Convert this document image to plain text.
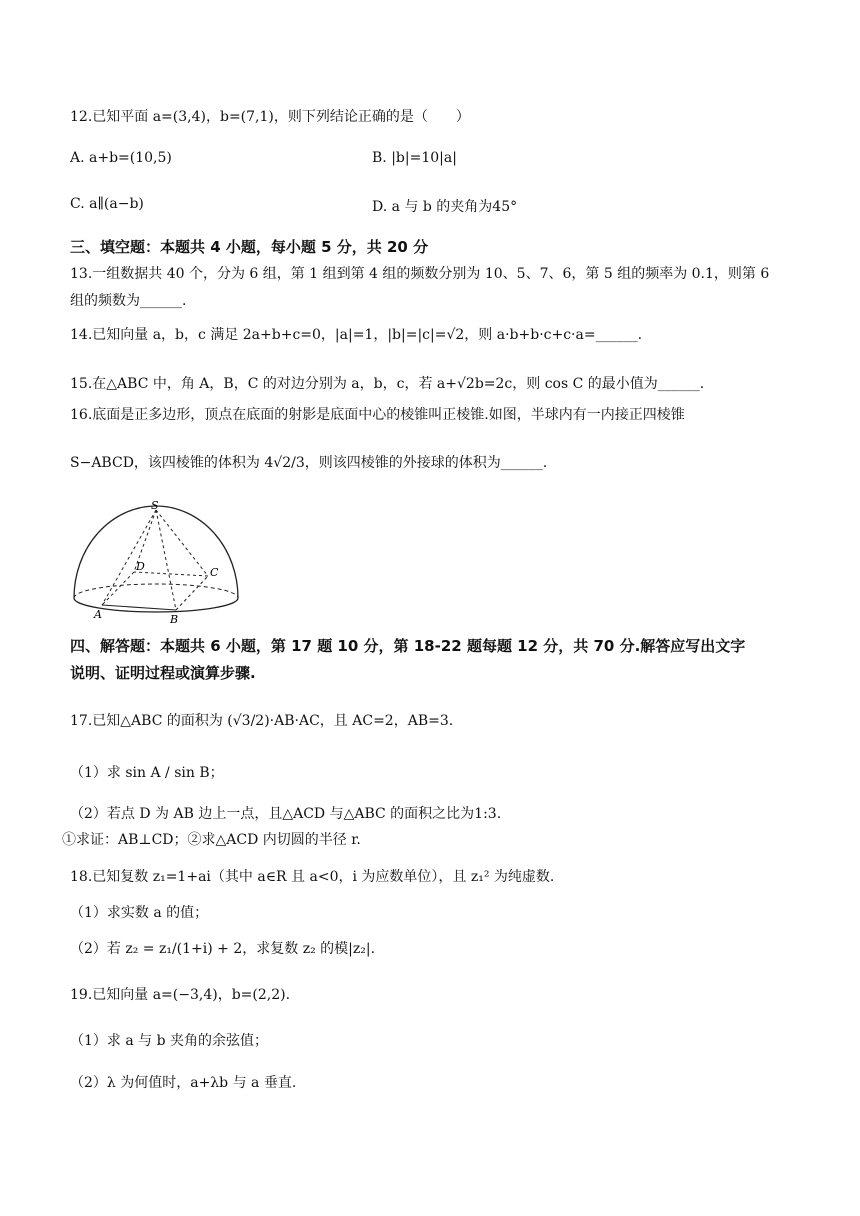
12.已知平面 a=(3,4)，b=(7,1)，则下列结论正确的是（　　）
A. a+b=(10,5)	B. |b|=10|a|
C. a∥(a−b)	D. a 与 b 的夹角为45°
三、填空题：本题共 4 小题，每小题 5 分，共 20 分
13.一组数据共 40 个，分为 6 组，第 1 组到第 4 组的频数分别为 10、5、7、6，第 5 组的频率为 0.1，则第 6
组的频数为______.
14.已知向量 a，b，c 满足 2a+b+c=0，|a|=1，|b|=|c|=√2，则 a·b+b·c+c·a=______.
15.在△ABC 中，角 A，B，C 的对边分别为 a，b，c，若 a+√2b=2c，则 cos C 的最小值为______.
16.底面是正多边形，顶点在底面的射影是底面中心的棱锥叫正棱锥.如图，半球内有一内接正四棱锥
S−ABCD，该四棱锥的体积为 4√2/3，则该四棱锥的外接球的体积为______.
S
A	B
C
D
四、解答题：本题共 6 小题，第 17 题 10 分，第 18-22 题每题 12 分，共 70 分.解答应写出文字
说明、证明过程或演算步骤.
17.已知△ABC 的面积为 (√3/2)·AB·AC，且 AC=2，AB=3.
（1）求 sin A / sin B；
（2）若点 D 为 AB 边上一点，且△ACD 与△ABC 的面积之比为1:3.
①求证：AB⊥CD；②求△ACD 内切圆的半径 r.
18.已知复数 z₁=1+ai（其中 a∈R 且 a<0，i 为应数单位），且 z₁² 为纯虚数.
（1）求实数 a 的值；
（2）若 z₂ = z₁/(1+i) + 2，求复数 z₂ 的模|z₂|.
19.已知向量 a=(−3,4)，b=(2,2).
（1）求 a 与 b 夹角的余弦值；
（2）λ 为何值时，a+λb 与 a 垂直.
